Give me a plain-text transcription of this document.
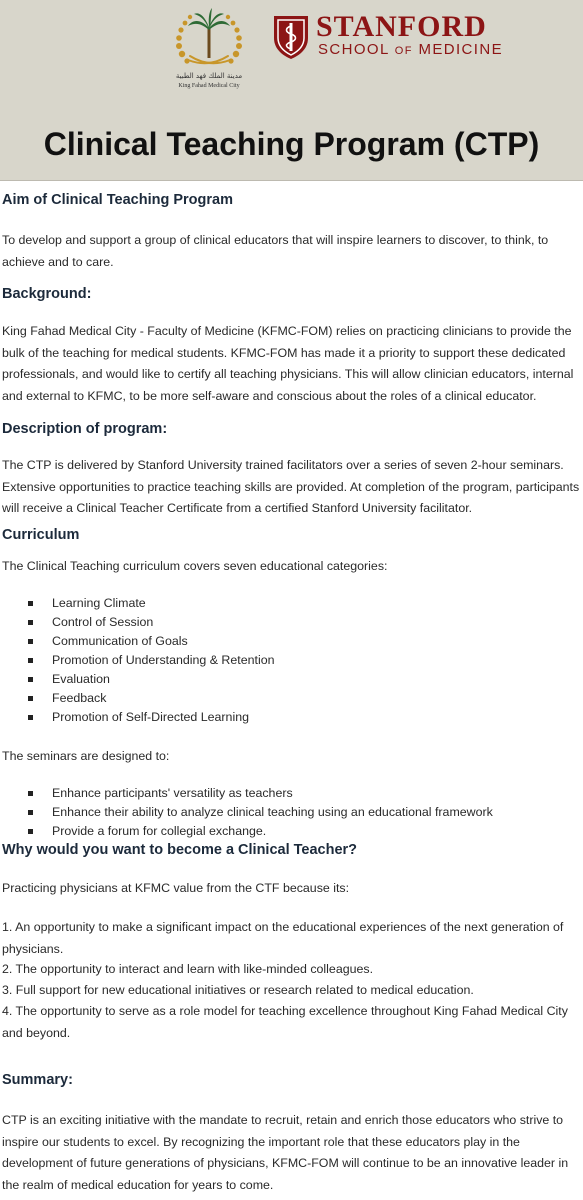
مدينة الملك فهد الطبية
King Fahad Medical City
STANFORD
SCHOOL OF MEDICINE
Clinical Teaching Program (CTP)
Aim of Clinical Teaching Program

To develop and support a group of clinical educators that will inspire learners to discover, to think, to achieve and to care.

Background:

King Fahad Medical City - Faculty of Medicine (KFMC-FOM) relies on practicing clinicians to provide the bulk of the teaching for medical students. KFMC-FOM has made it a priority to support these dedicated professionals, and would like to certify all teaching physicians. This will allow clinician educators, internal and external to KFMC, to be more self-aware and conscious about the roles of a clinical educator.

Description of program:

The CTP is delivered by Stanford University trained facilitators over a series of seven 2-hour seminars. Extensive opportunities to practice teaching skills are provided. At completion of the program, participants will receive a Clinical Teacher Certificate from a certified Stanford University facilitator.

Curriculum

The Clinical Teaching curriculum covers seven educational categories:

Learning Climate
Control of Session
Communication of Goals
Promotion of Understanding & Retention
Evaluation
Feedback
Promotion of Self-Directed Learning

The seminars are designed to:

Enhance participants' versatility as teachers
Enhance their ability to analyze clinical teaching using an educational framework
Provide a forum for collegial exchange.
Why would you want to become a Clinical Teacher?

Practicing physicians at KFMC value from the CTF because its:

1. An opportunity to make a significant impact on the educational experiences of the next generation of physicians.

2. The opportunity to interact and learn with like-minded colleagues.

3. Full support for new educational initiatives or research related to medical education.

4. The opportunity to serve as a role model for teaching excellence throughout King Fahad Medical City and beyond.

Summary:

CTP is an exciting initiative with the mandate to recruit, retain and enrich those educators who strive to inspire our students to excel. By recognizing the important role that these educators play in the development of future generations of physicians, KFMC-FOM will continue to be an innovative leader in the realm of medical education for years to come.
